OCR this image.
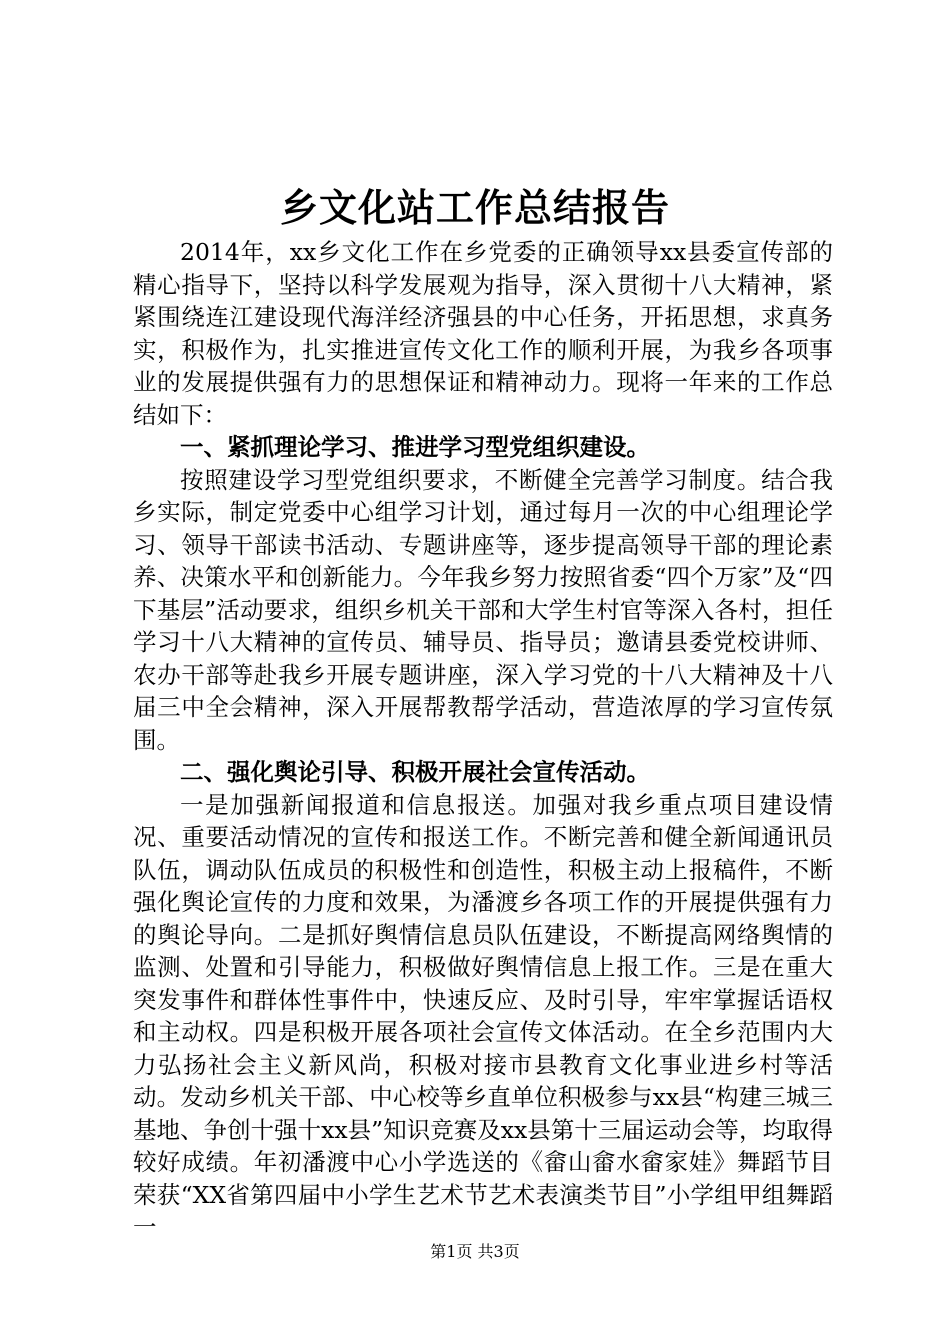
乡文化站工作总结报告

2014年，xx乡文化工作在乡党委的正确领导xx县委宣传部的精心指导下，坚持以科学发展观为指导，深入贯彻十八大精神，紧紧围绕连江建设现代海洋经济强县的中心任务，开拓思想，求真务实，积极作为，扎实推进宣传文化工作的顺利开展，为我乡各项事业的发展提供强有力的思想保证和精神动力。现将一年来的工作总结如下：

一、紧抓理论学习、推进学习型党组织建设。

按照建设学习型党组织要求，不断健全完善学习制度。结合我乡实际，制定党委中心组学习计划，通过每月一次的中心组理论学习、领导干部读书活动、专题讲座等，逐步提高领导干部的理论素养、决策水平和创新能力。今年我乡努力按照省委“四个万家”及“四下基层”活动要求，组织乡机关干部和大学生村官等深入各村，担任学习十八大精神的宣传员、辅导员、指导员；邀请县委党校讲师、农办干部等赴我乡开展专题讲座，深入学习党的十八大精神及十八届三中全会精神，深入开展帮教帮学活动，营造浓厚的学习宣传氛围。

二、强化舆论引导、积极开展社会宣传活动。

一是加强新闻报道和信息报送。加强对我乡重点项目建设情况、重要活动情况的宣传和报送工作。不断完善和健全新闻通讯员队伍，调动队伍成员的积极性和创造性，积极主动上报稿件，不断强化舆论宣传的力度和效果，为潘渡乡各项工作的开展提供强有力的舆论导向。二是抓好舆情信息员队伍建设，不断提高网络舆情的监测、处置和引导能力，积极做好舆情信息上报工作。三是在重大突发事件和群体性事件中，快速反应、及时引导，牢牢掌握话语权和主动权。四是积极开展各项社会宣传文体活动。在全乡范围内大力弘扬社会主义新风尚，积极对接市县教育文化事业进乡村等活动。发动乡机关干部、中心校等乡直单位积极参与xx县“构建三城三基地、争创十强十xx县”知识竞赛及xx县第十三届运动会等，均取得较好成绩。年初潘渡中心小学选送的《畲山畲水畲家娃》舞蹈节目荣获“XX省第四届中小学生艺术节艺术表演类节目”小学组甲组舞蹈一

第1页 共3页
